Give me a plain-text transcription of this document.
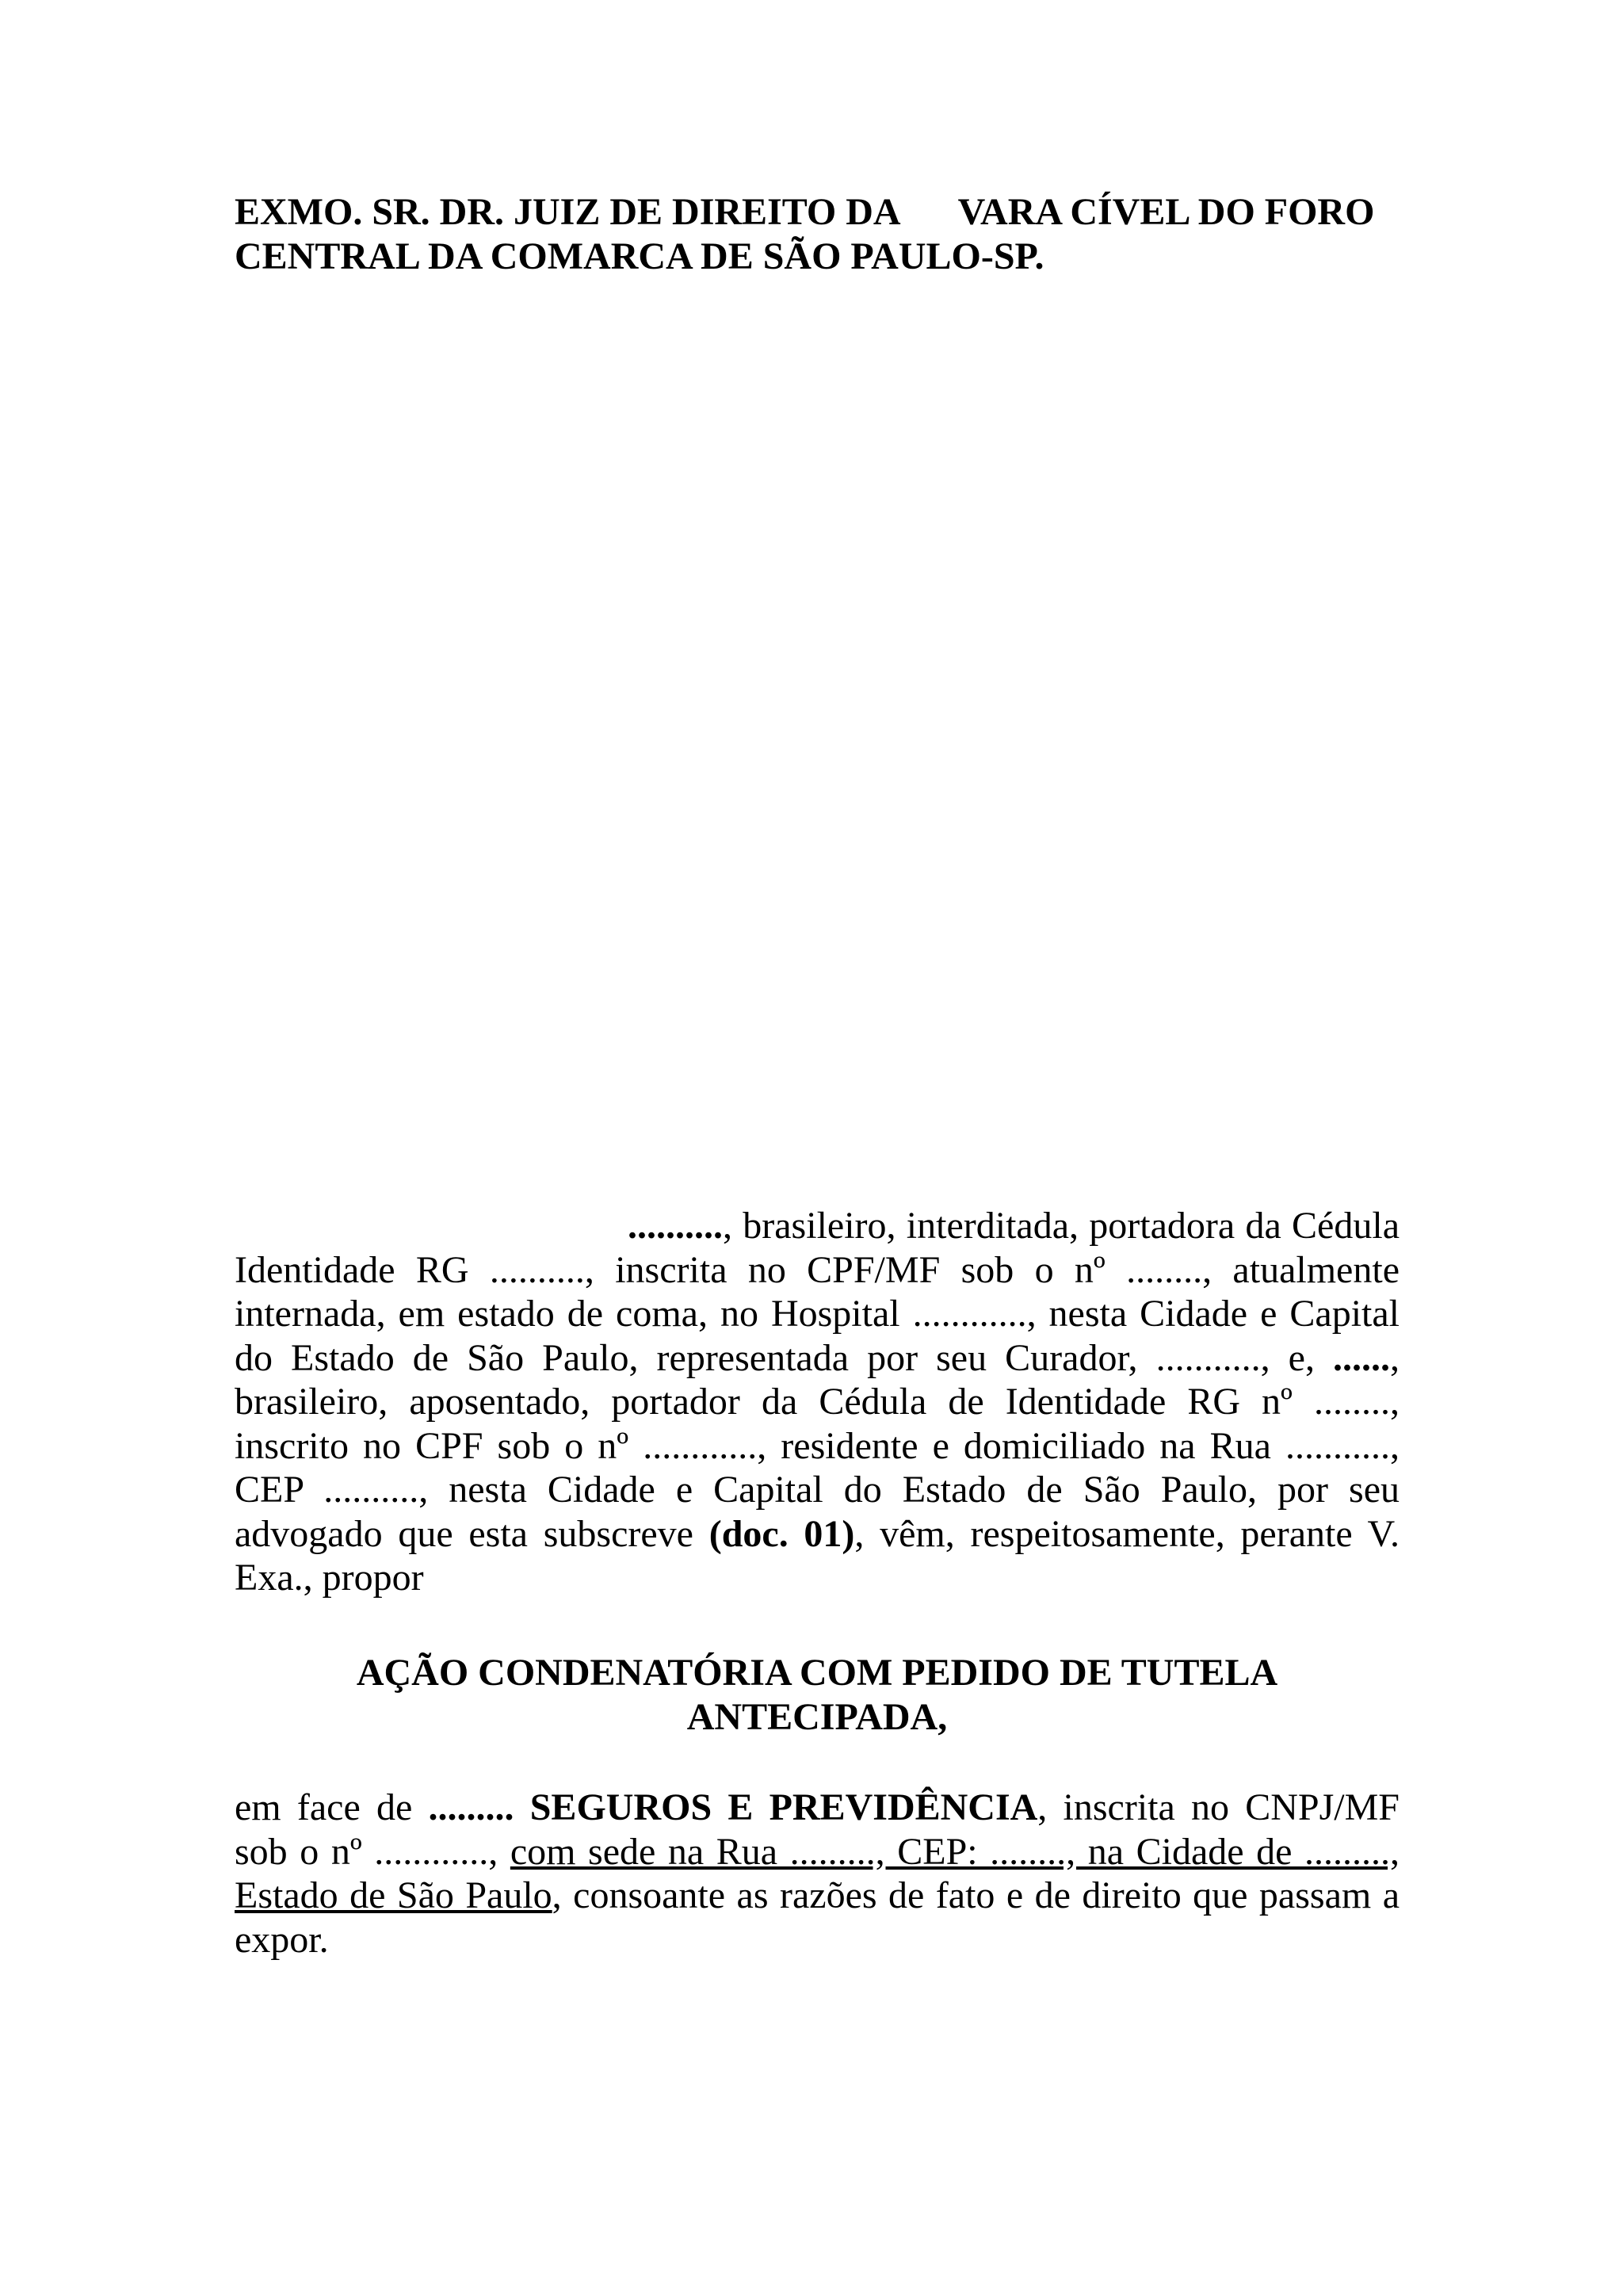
EXMO. SR. DR. JUIZ DE DIREITO DA VARA CÍVEL DO FORO
CENTRAL DA COMARCA DE SÃO PAULO-SP.

.........., brasileiro, interditada, portadora da Cédula Identidade RG .........., inscrita no CPF/MF sob o nº ........, atualmente internada, em estado de coma, no Hospital ............, nesta Cidade e Capital do Estado de São Paulo, representada por seu Curador, ..........., e, ......, brasileiro, aposentado, portador da Cédula de Identidade RG nº ........, inscrito no CPF sob o nº ............, residente e domiciliado na Rua ..........., CEP .........., nesta Cidade e Capital do Estado de São Paulo, por seu advogado que esta subscreve (doc. 01), vêm, respeitosamente, perante V. Exa., propor

AÇÃO CONDENATÓRIA COM PEDIDO DE TUTELA
ANTECIPADA,

em face de ......... SEGUROS E PREVIDÊNCIA, inscrita no CNPJ/MF sob o nº ............, com sede na Rua ........., CEP: ........, na Cidade de ........., Estado de São Paulo, consoante as razões de fato e de direito que passam a expor.
